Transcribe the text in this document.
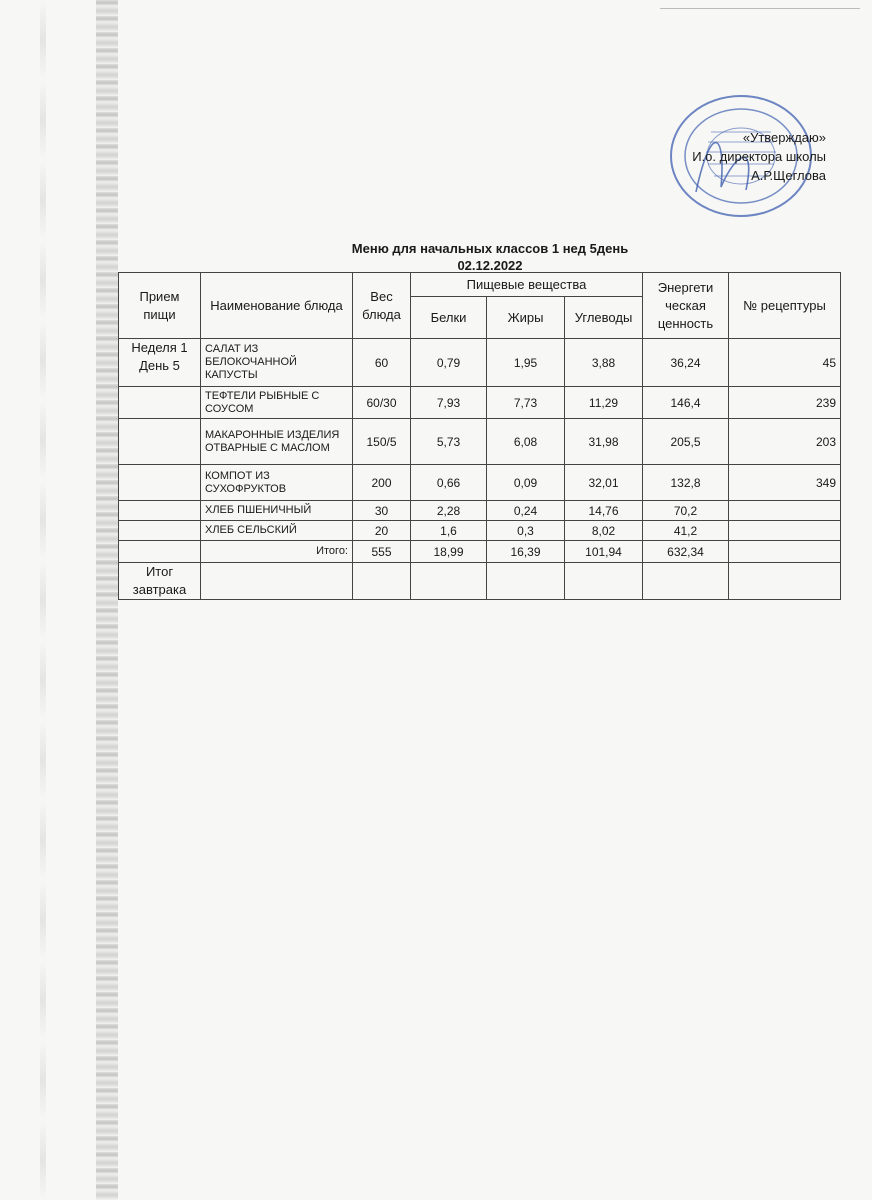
«Утверждаю»
И.о. директора школы
А.Р.Щеглова
Меню для начальных классов 1 нед 5день
02.12.2022
Прием пищи	Наименование блюда	Вес блюда	Пищевые вещества			Энергети ческая ценность	№ рецептуры
			Белки	Жиры	Углеводы		
Неделя 1 День 5	САЛАТ ИЗ БЕЛОКОЧАННОЙ КАПУСТЫ	60	0,79	1,95	3,88	36,24	45
	ТЕФТЕЛИ РЫБНЫЕ С СОУСОМ	60/30	7,93	7,73	11,29	146,4	239
	МАКАРОННЫЕ ИЗДЕЛИЯ ОТВАРНЫЕ С МАСЛОМ	150/5	5,73	6,08	31,98	205,5	203
	КОМПОТ ИЗ СУХОФРУКТОВ	200	0,66	0,09	32,01	132,8	349
	ХЛЕБ ПШЕНИЧНЫЙ	30	2,28	0,24	14,76	70,2	
	ХЛЕБ СЕЛЬСКИЙ	20	1,6	0,3	8,02	41,2	
	Итого:	555	18,99	16,39	101,94	632,34	
Итог завтрака							
